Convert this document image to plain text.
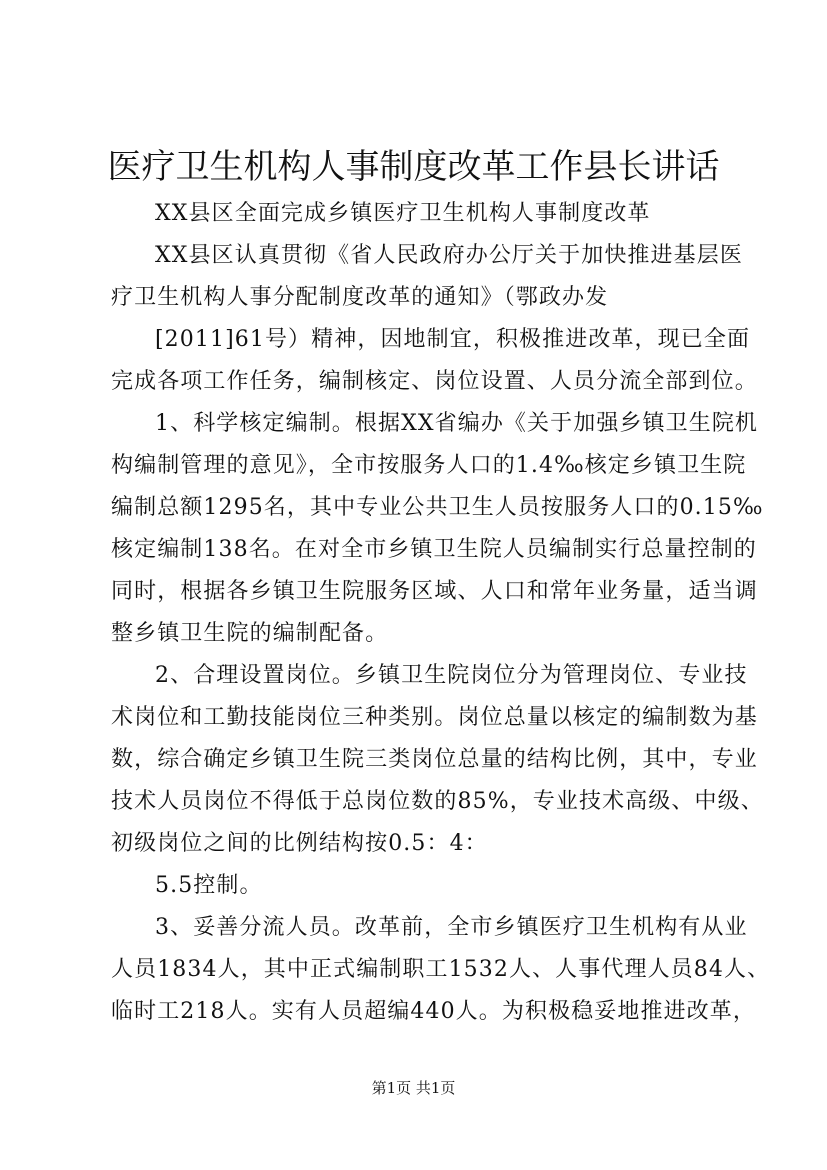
医疗卫生机构人事制度改革工作县长讲话
XX县区全面完成乡镇医疗卫生机构人事制度改革
XX县区认真贯彻《省人民政府办公厅关于加快推进基层医
疗卫生机构人事分配制度改革的通知》（鄂政办发
[2011]61号）精神，因地制宜，积极推进改革，现已全面
完成各项工作任务，编制核定、岗位设置、人员分流全部到位。
1、科学核定编制。根据XX省编办《关于加强乡镇卫生院机
构编制管理的意见》，全市按服务人口的1.4‰核定乡镇卫生院
编制总额1295名，其中专业公共卫生人员按服务人口的0.15‰
核定编制138名。在对全市乡镇卫生院人员编制实行总量控制的
同时，根据各乡镇卫生院服务区域、人口和常年业务量，适当调
整乡镇卫生院的编制配备。
2、合理设置岗位。乡镇卫生院岗位分为管理岗位、专业技
术岗位和工勤技能岗位三种类别。岗位总量以核定的编制数为基
数，综合确定乡镇卫生院三类岗位总量的结构比例，其中，专业
技术人员岗位不得低于总岗位数的85%，专业技术高级、中级、
初级岗位之间的比例结构按0.5：4：
5.5控制。
3、妥善分流人员。改革前，全市乡镇医疗卫生机构有从业
人员1834人，其中正式编制职工1532人、人事代理人员84人、
临时工218人。实有人员超编440人。为积极稳妥地推进改革，
第1页 共1页
